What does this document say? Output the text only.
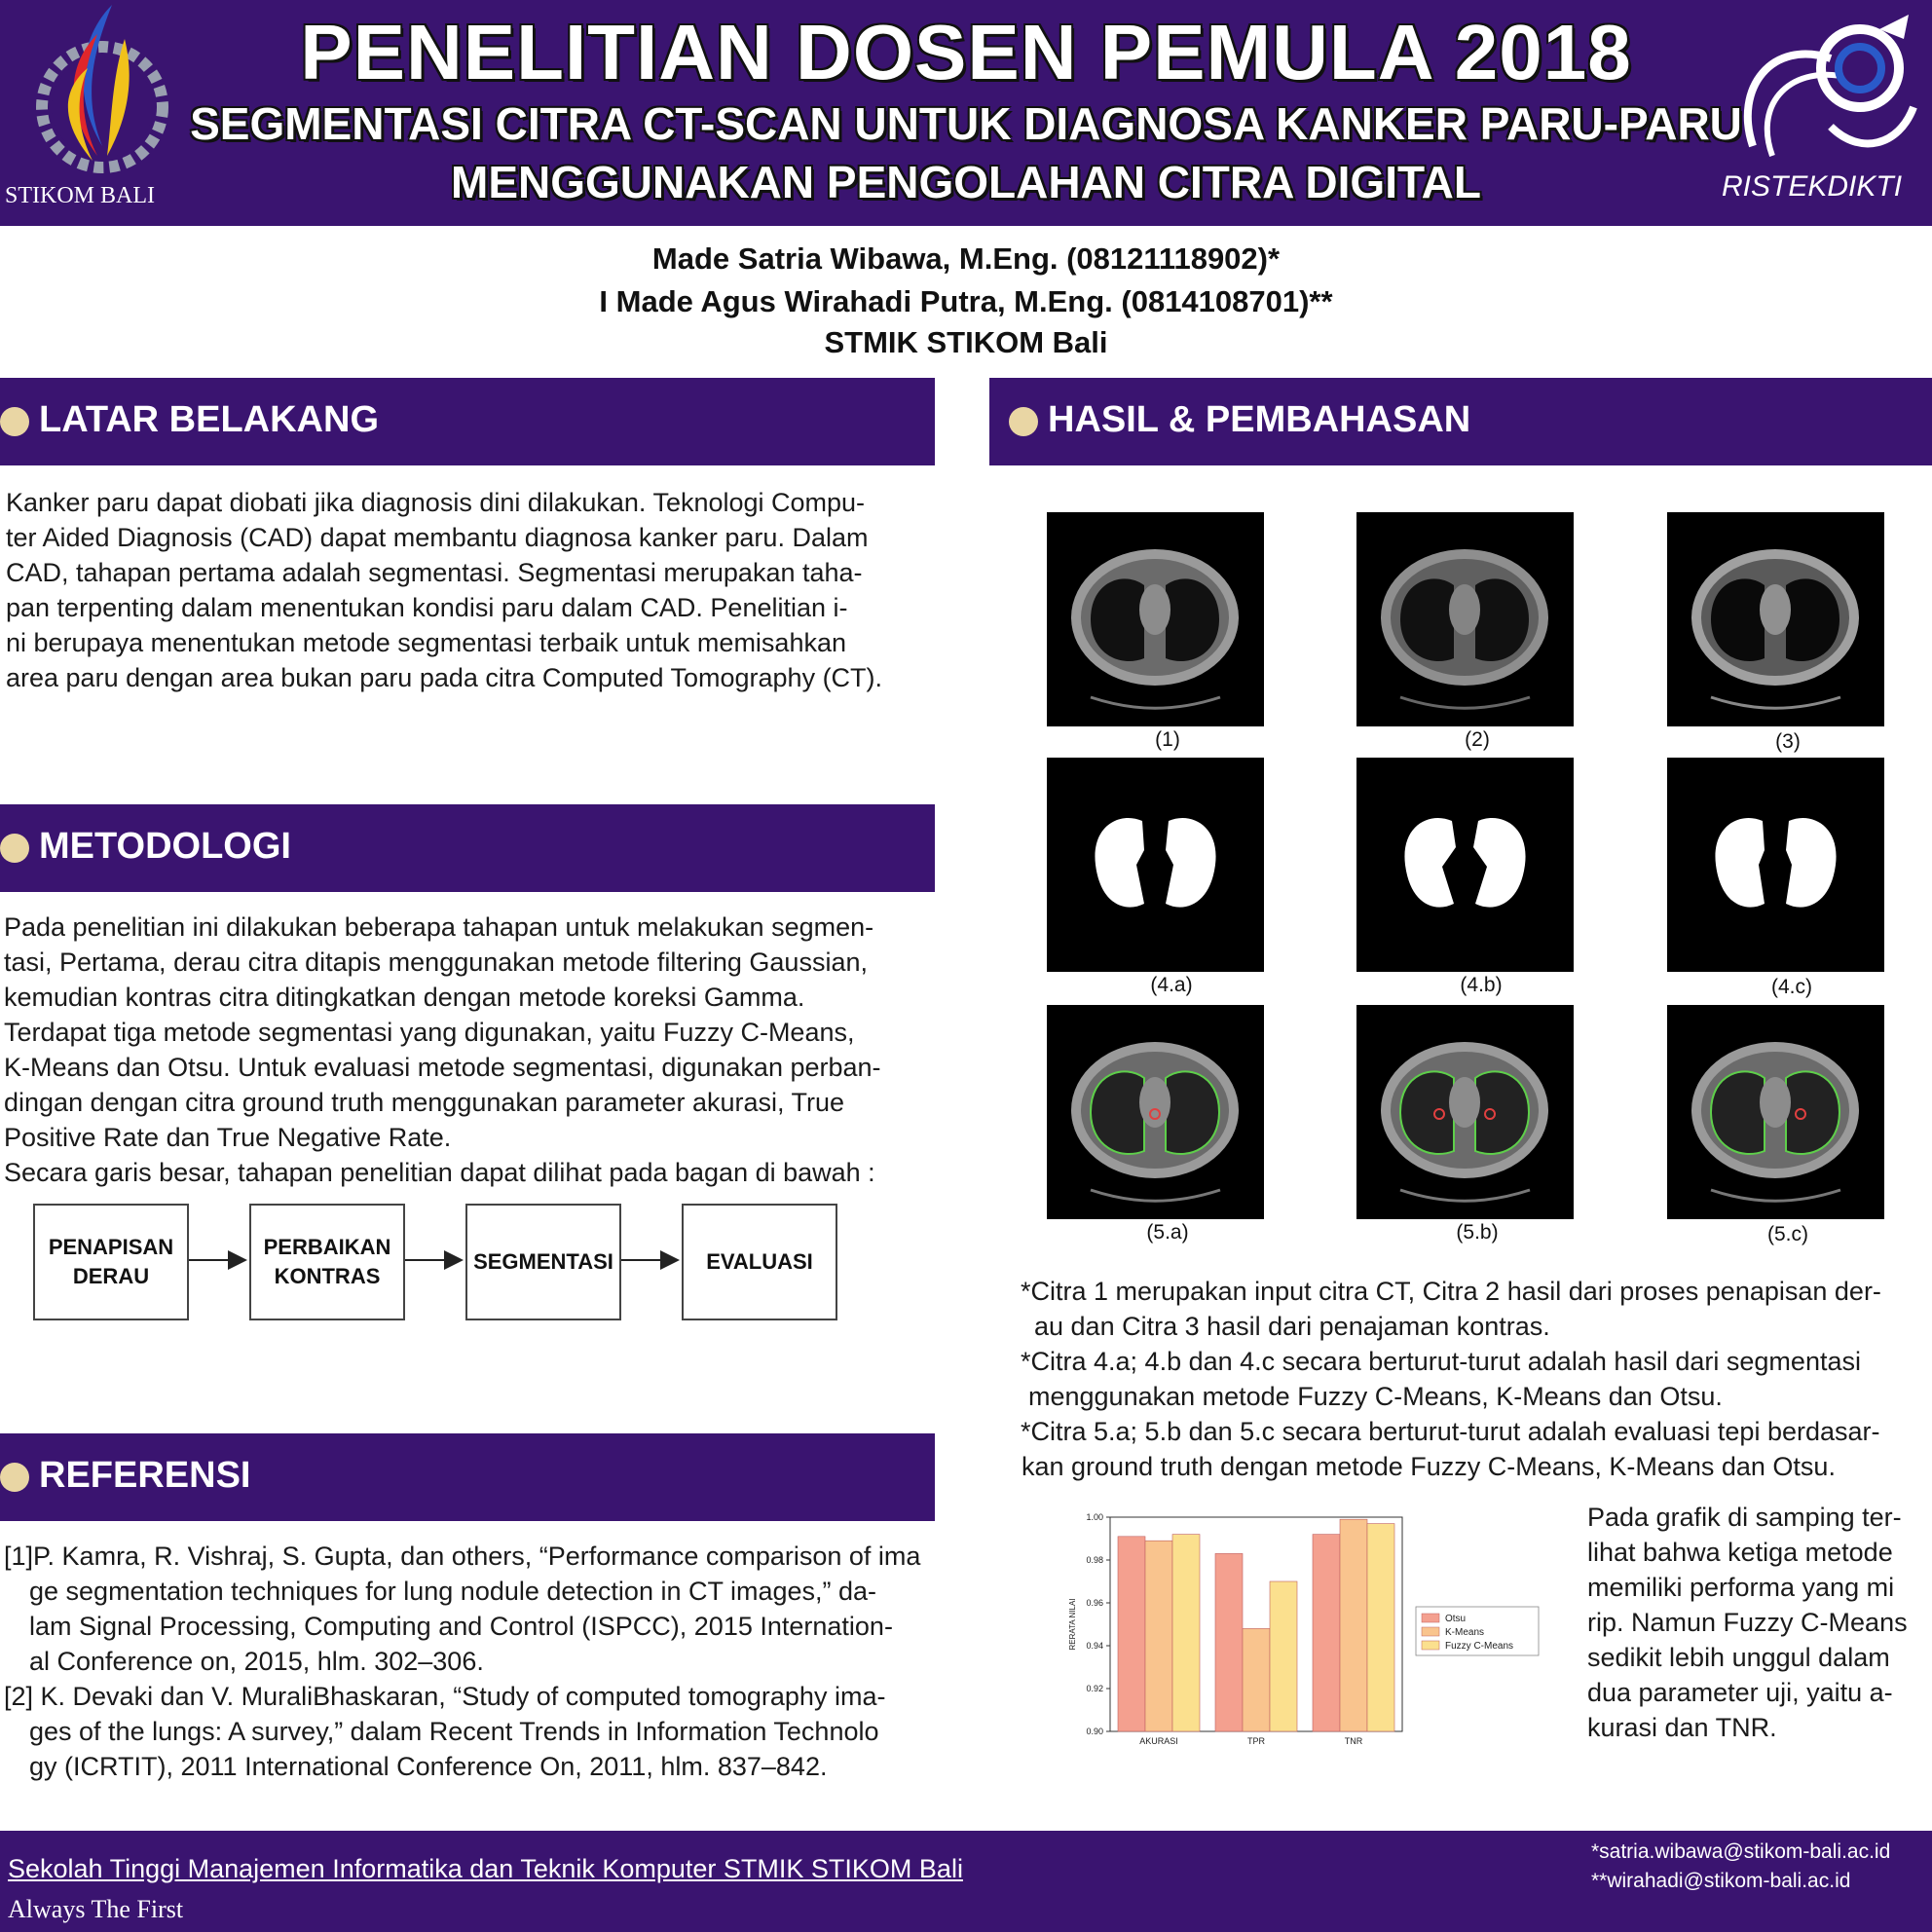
STIKOM BALI
PENELITIAN DOSEN PEMULA 2018
SEGMENTASI CITRA CT-SCAN UNTUK DIAGNOSA KANKER PARU-PARU
MENGGUNAKAN PENGOLAHAN CITRA DIGITAL	RISTEKDIKTI
Made Satria Wibawa, M.Eng. (08121118902)*
I Made Agus Wirahadi Putra, M.Eng. (0814108701)**
STMIK STIKOM Bali
LATAR BELAKANG
Kanker paru dapat diobati jika diagnosis dini dilakukan. Teknologi Compu-
ter Aided Diagnosis (CAD) dapat membantu diagnosa kanker paru. Dalam
CAD, tahapan pertama adalah segmentasi. Segmentasi merupakan taha-
pan terpenting dalam menentukan kondisi paru dalam CAD. Penelitian i-
ni berupaya menentukan metode segmentasi terbaik untuk memisahkan
area paru dengan area bukan paru pada citra Computed Tomography (CT).
METODOLOGI
Pada penelitian ini dilakukan beberapa tahapan untuk melakukan segmen-
tasi, Pertama, derau citra ditapis menggunakan metode filtering Gaussian,
kemudian kontras citra ditingkatkan dengan metode koreksi Gamma.
Terdapat tiga metode segmentasi yang digunakan, yaitu Fuzzy C-Means,
K-Means dan Otsu. Untuk evaluasi metode segmentasi, digunakan perban-
dingan dengan citra ground truth menggunakan parameter akurasi, True
Positive Rate dan True Negative Rate.
Secara garis besar, tahapan penelitian dapat dilihat pada bagan di bawah :
PENAPISAN
DERAU
PERBAIKAN
KONTRAS
SEGMENTASI	EVALUASI
REFERENSI
[1]P. Kamra, R. Vishraj, S. Gupta, dan others, “Performance comparison of ima
ge segmentation techniques for lung nodule detection in CT images,” da-
lam Signal Processing, Computing and Control (ISPCC), 2015 Internation-
al Conference on, 2015, hlm. 302–306.
[2] K. Devaki dan V. MuraliBhaskaran, “Study of computed tomography ima-
ges of the lungs: A survey,” dalam Recent Trends in Information Technolo
gy (ICRTIT), 2011 International Conference On, 2011, hlm. 837–842.
HASIL & PEMBAHASAN
(1)	(2)	(3)
(4.a)	(4.b)	(4.c)
(5.a)	(5.b)	(5.c)
*Citra 1 merupakan input citra CT, Citra 2 hasil dari proses penapisan der-
au dan Citra 3 hasil dari penajaman kontras.
*Citra 4.a; 4.b dan 4.c secara berturut-turut adalah hasil dari segmentasi
menggunakan metode Fuzzy C-Means, K-Means dan Otsu.
*Citra 5.a; 5.b dan 5.c secara berturut-turut adalah evaluasi tepi berdasar-
kan ground truth dengan metode Fuzzy C-Means, K-Means dan Otsu.
0.90
0.92
0.94
0.96
0.98
1.00
RERATA NILAI
AKURASI	TPR	TNR
Otsu
K-Means
Fuzzy C-Means
Pada grafik di samping ter-
lihat bahwa ketiga metode
memiliki performa yang mi
rip. Namun Fuzzy C-Means
sedikit lebih unggul dalam
dua parameter uji, yaitu a-
kurasi dan TNR.
Sekolah Tinggi Manajemen Informatika dan Teknik Komputer STMIK STIKOM Bali
Always The First
*satria.wibawa@stikom-bali.ac.id
**wirahadi@stikom-bali.ac.id
